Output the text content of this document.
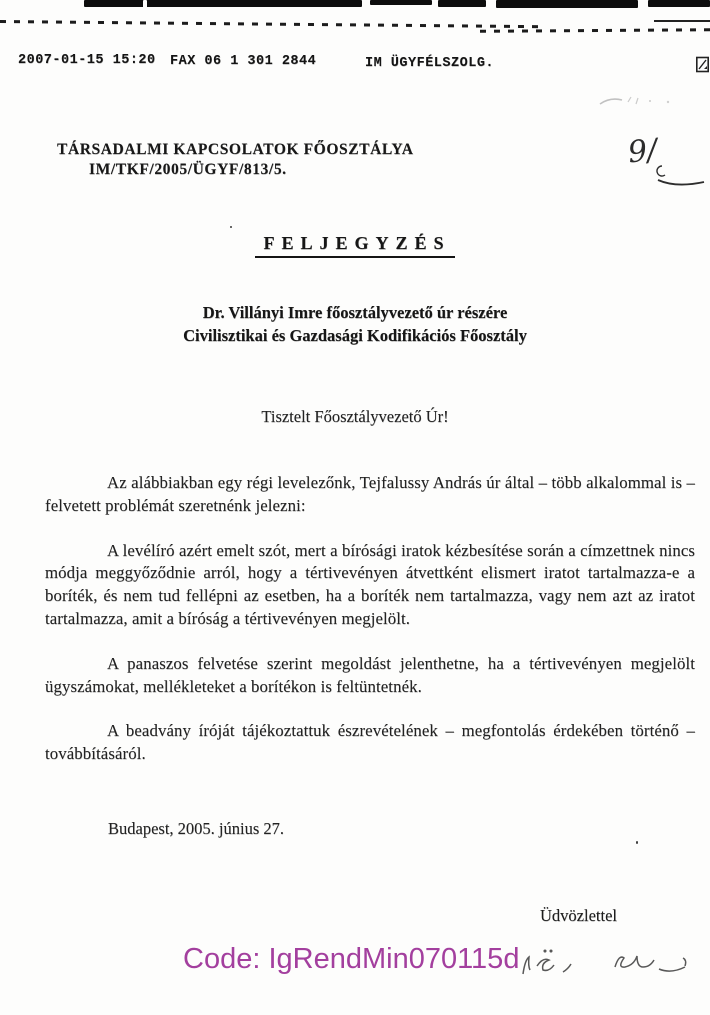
2007-01-15 15:20 FAX 06 1 301 2844	IM ÜGYFÉLSZOLG.
TÁRSADALMI KAPCSOLATOK FŐOSZTÁLYA
IM/TKF/2005/ÜGYF/813/5.	9/
FELJEGYZÉS
Dr. Villányi Imre főosztályvezető úr részére
Civilisztikai és Gazdasági Kodifikációs Főosztály
Tisztelt Főosztályvezető Úr!

Az alábbiakban egy régi levelezőnk, Tejfalussy András úr által – több alkalommal is – felvetett problémát szeretnénk jelezni:

A levélíró azért emelt szót, mert a bírósági iratok kézbesítése során a címzettnek nincs módja meggyőződnie arról, hogy a tértivevényen átvettként elismert iratot tartalmazza-e a boríték, és nem tud fellépni az esetben, ha a boríték nem tartalmazza, vagy nem azt az iratot tartalmazza, amit a bíróság a tértivevényen megjelölt.

A panaszos felvetése szerint megoldást jelenthetne, ha a tértivevényen megjelölt ügyszámokat, mellékleteket a borítékon is feltüntetnék.

A beadvány íróját tájékoztattuk észrevételének – megfontolás érdekében történő – továbbításáról.

Budapest, 2005. június 27.
Üdvözlettel
Code: IgRendMin070115d
